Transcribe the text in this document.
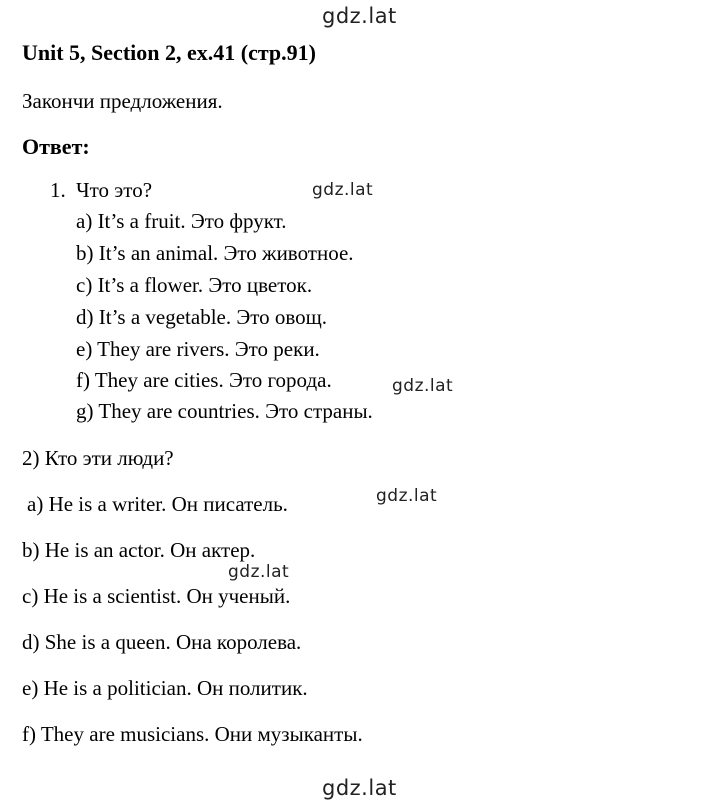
gdz.lat
Unit 5, Section 2, ex.41 (стр.91)
Закончи предложения.
Ответ:
1. Что это?	gdz.lat
a) It’s a fruit. Это фрукт.
b) It’s an animal. Это животное.
c) It’s a flower. Это цветок.
d) It’s a vegetable. Это овощ.
e) They are rivers. Это реки.
f) They are cities. Это города.	gdz.lat
g) They are countries. Это страны.
2) Кто эти люди?
a) He is a writer. Он писатель.	gdz.lat
b) He is an actor. Он актер.
gdz.lat
c) He is a scientist. Он ученый.
d) She is a queen. Она королева.
e) He is a politician. Он политик.
f) They are musicians. Они музыканты.
gdz.lat
